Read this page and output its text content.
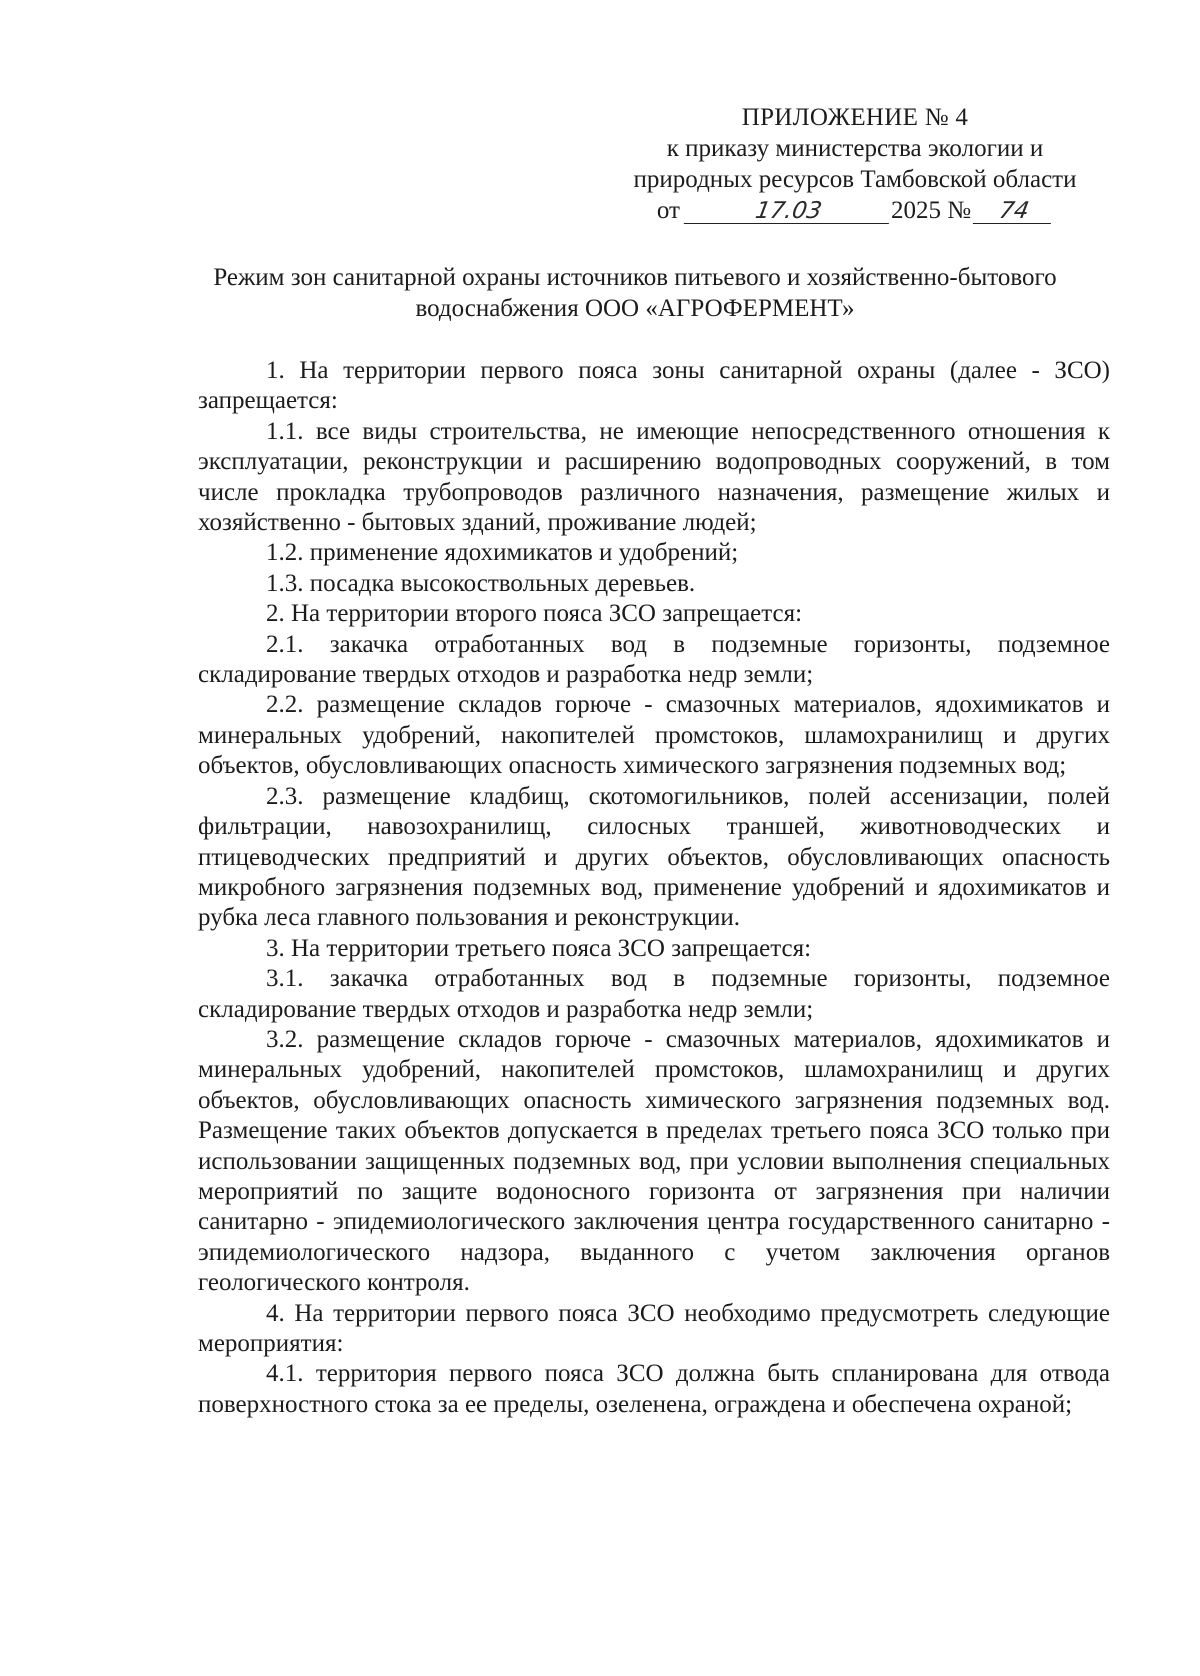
ПРИЛОЖЕНИЕ № 4
к приказу министерства экологии и
природных ресурсов Тамбовской области
от	17.03	2025 № 74
Режим зон санитарной охраны источников питьевого и хозяйственно-бытового
водоснабжения ООО «АГРОФЕРМЕНТ»

1. На территории первого пояса зоны санитарной охраны (далее - ЗСО) запрещается:

1.1. все виды строительства, не имеющие непосредственного отношения к эксплуатации, реконструкции и расширению водопроводных сооружений, в том числе прокладка трубопроводов различного назначения, размещение жилых и хозяйственно - бытовых зданий, проживание людей;

1.2. применение ядохимикатов и удобрений;

1.3. посадка высокоствольных деревьев.

2. На территории второго пояса ЗСО запрещается:

2.1. закачка отработанных вод в подземные горизонты, подземное складирование твердых отходов и разработка недр земли;

2.2. размещение складов горюче - смазочных материалов, ядохимикатов и минеральных удобрений, накопителей промстоков, шламохранилищ и других объектов, обусловливающих опасность химического загрязнения подземных вод;

2.3. размещение кладбищ, скотомогильников, полей ассенизации, полей фильтрации, навозохранилищ, силосных траншей, животноводческих и птицеводческих предприятий и других объектов, обусловливающих опасность микробного загрязнения подземных вод, применение удобрений и ядохимикатов и рубка леса главного пользования и реконструкции.

3. На территории третьего пояса ЗСО запрещается:

3.1. закачка отработанных вод в подземные горизонты, подземное складирование твердых отходов и разработка недр земли;

3.2. размещение складов горюче - смазочных материалов, ядохимикатов и минеральных удобрений, накопителей промстоков, шламохранилищ и других объектов, обусловливающих опасность химического загрязнения подземных вод. Размещение таких объектов допускается в пределах третьего пояса ЗСО только при использовании защищенных подземных вод, при условии выполнения специальных мероприятий по защите водоносного горизонта от загрязнения при наличии санитарно - эпидемиологического заключения центра государственного санитарно - эпидемиологического надзора, выданного с учетом заключения органов геологического контроля.

4. На территории первого пояса ЗСО необходимо предусмотреть следующие мероприятия:

4.1. территория первого пояса ЗСО должна быть спланирована для отвода поверхностного стока за ее пределы, озеленена, ограждена и обеспечена охраной;
